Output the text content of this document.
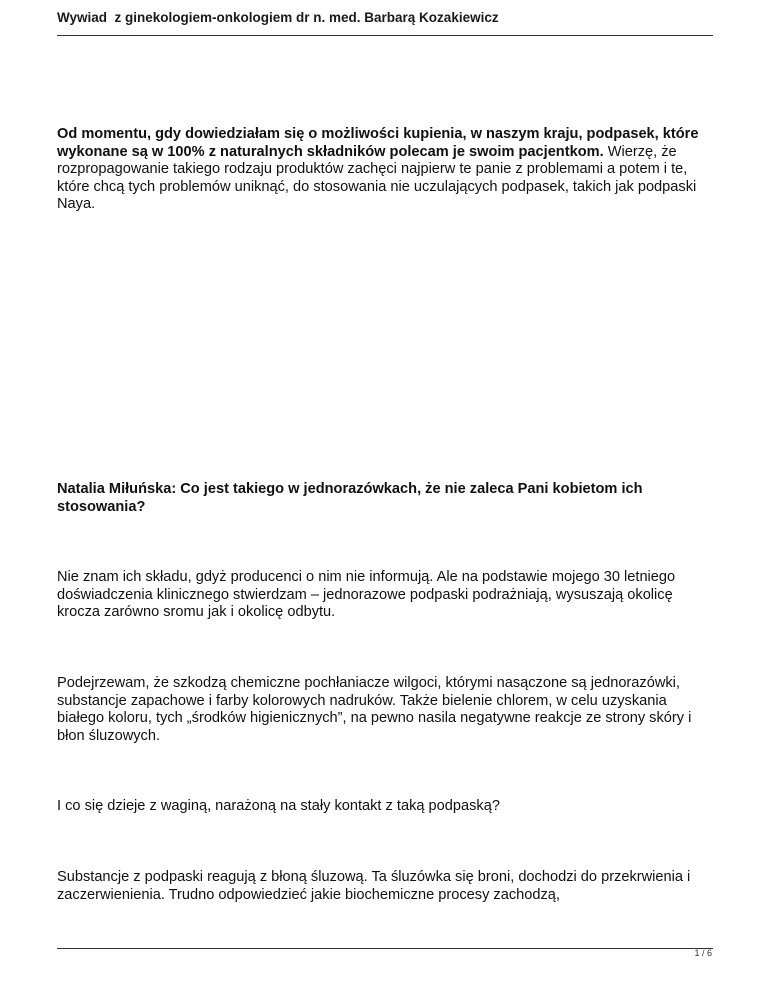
Wywiad  z ginekologiem-onkologiem dr n. med. Barbarą Kozakiewicz

Od momentu, gdy dowiedziałam się o możliwości kupienia, w naszym kraju, podpasek, które wykonane są w 100% z naturalnych składników polecam je swoim pacjentkom. Wierzę, że rozpropagowanie takiego rodzaju produktów zachęci najpierw te panie z problemami a potem i te, które chcą tych problemów uniknąć, do stosowania nie uczulających podpasek, takich jak podpaski Naya.

Natalia Miłuńska: Co jest takiego w jednorazówkach, że nie zaleca Pani kobietom ich stosowania?

Nie znam ich składu, gdyż producenci o nim nie informują. Ale na podstawie mojego 30 letniego doświadczenia klinicznego stwierdzam – jednorazowe podpaski podrażniają, wysuszają okolicę krocza zarówno sromu jak i okolicę odbytu.

Podejrzewam, że szkodzą chemiczne pochłaniacze wilgoci, którymi nasączone są jednorazówki, substancje zapachowe i farby kolorowych nadruków. Także bielenie chlorem, w celu uzyskania białego koloru, tych „środków higienicznych”, na pewno nasila negatywne reakcje ze strony skóry i błon śluzowych.

I co się dzieje z waginą, narażoną na stały kontakt z taką podpaską?

Substancje z podpaski reagują z błoną śluzową. Ta śluzówka się broni, dochodzi do przekrwienia i zaczerwienienia. Trudno odpowiedzieć jakie biochemiczne procesy zachodzą,

1 / 6
